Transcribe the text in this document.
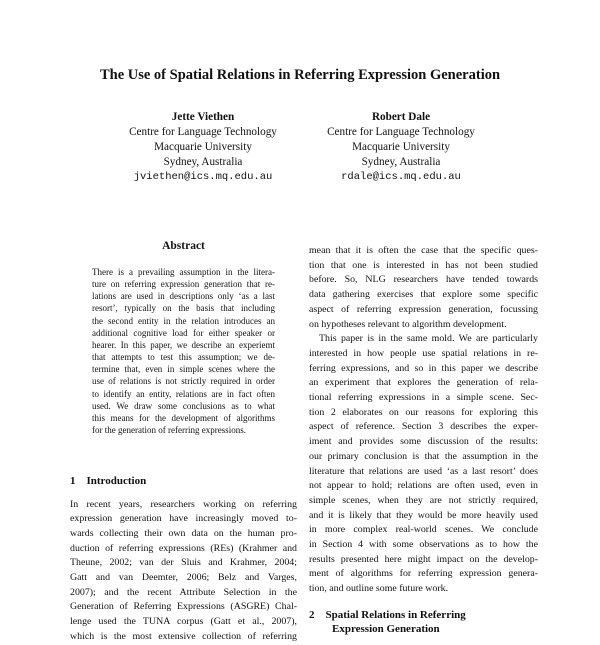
The Use of Spatial Relations in Referring Expression Generation
Jette Viethen
Centre for Language Technology
Macquarie University
Sydney, Australia
jviethen@ics.mq.edu.au
Robert Dale
Centre for Language Technology
Macquarie University
Sydney, Australia
rdale@ics.mq.edu.au
Abstract
There is a prevailing assumption in the litera-
ture on referring expression generation that re-
lations are used in descriptions only ‘as a last
resort’, typically on the basis that including
the second entity in the relation introduces an
additional cognitive load for either speaker or
hearer. In this paper, we describe an experiemt
that attempts to test this assumption; we de-
termine that, even in simple scenes where the
use of relations is not strictly required in order
to identify an entity, relations are in fact often
used. We draw some conclusions as to what
this means for the development of algorithms
for the generation of referring expressions.
1    Introduction
In recent years, researchers working on referring
expression generation have increasingly moved to-
wards collecting their own data on the human pro-
duction of referring expressions (REs) (Krahmer and
Theune, 2002; van der Sluis and Krahmer, 2004;
Gatt and van Deemter, 2006; Belz and Varges,
2007); and the recent Attribute Selection in the
Generation of Referring Expressions (ASGRE) Chal-
lenge used the TUNA corpus (Gatt et al., 2007),
which is the most extensive collection of referring
mean that it is often the case that the specific ques-
tion that one is interested in has not been studied
before. So, NLG researchers have tended towards
data gathering exercises that explore some specific
aspect of referring expression generation, focussing
on hypotheses relevant to algorithm development.
This paper is in the same mold. We are particularly
interested in how people use spatial relations in re-
ferring expressions, and so in this paper we describe
an experiment that explores the generation of rela-
tional referring expressions in a simple scene. Sec-
tion 2 elaborates on our reasons for exploring this
aspect of reference. Section 3 describes the exper-
iment and provides some discussion of the results:
our primary conclusion is that the assumption in the
literature that relations are used ‘as a last resort’ does
not appear to hold; relations are often used, even in
simple scenes, when they are not strictly required,
and it is likely that they would be more heavily used
in more complex real-world scenes. We conclude
in Section 4 with some observations as to how the
results presented here might impact on the develop-
ment of algorithms for referring expression genera-
tion, and outline some future work.
2    Spatial Relations in Referring
Expression Generation
